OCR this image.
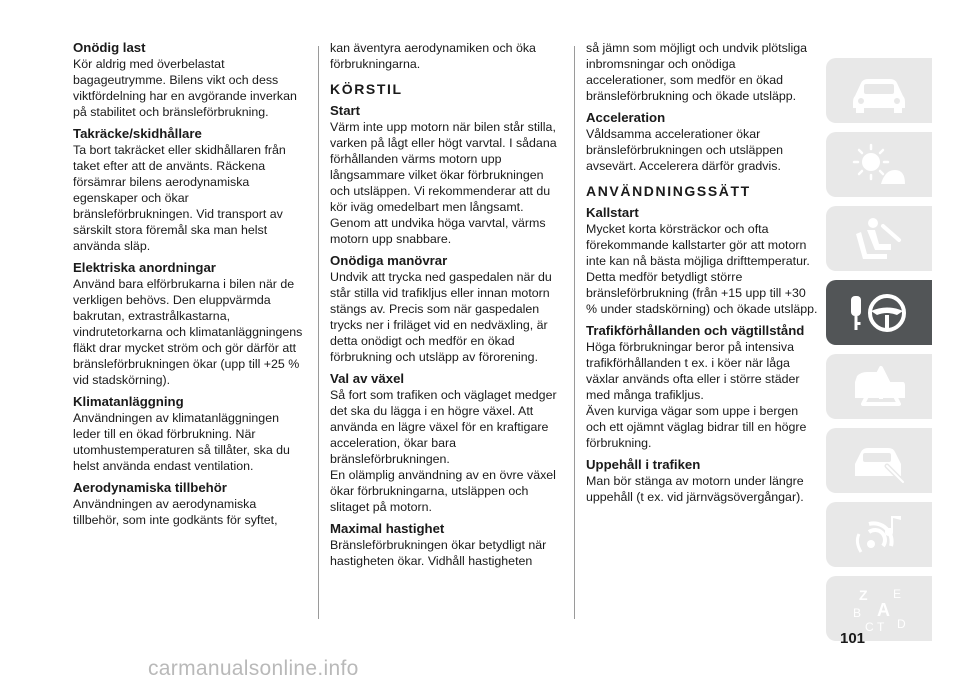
Onödig last

Kör aldrig med överbelastat bagageutrymme. Bilens vikt och dess viktfördelning har en avgörande inverkan på stabilitet och bränsleförbrukning.

Takräcke/skidhållare

Ta bort takräcket eller skidhållaren från taket efter att de använts. Räckena försämrar bilens aerodynamiska egenskaper och ökar bränsleförbrukningen. Vid transport av särskilt stora föremål ska man helst använda släp.

Elektriska anordningar

Använd bara elförbrukarna i bilen när de verkligen behövs. Den eluppvärmda bakrutan, extrastrålkastarna, vindrutetorkarna och klimatanläggningens fläkt drar mycket ström och gör därför att bränsleförbrukningen ökar (upp till +25 % vid stadskörning).

Klimatanläggning

Användningen av klimatanläggningen leder till en ökad förbrukning. När utomhustemperaturen så tillåter, ska du helst använda endast ventilation.

Aerodynamiska tillbehör

Användningen av aerodynamiska tillbehör, som inte godkänts för syftet,

kan äventyra aerodynamiken och öka förbrukningarna.

KÖRSTIL
Start

Värm inte upp motorn när bilen står stilla, varken på lågt eller högt varvtal. I sådana förhållanden värms motorn upp långsammare vilket ökar förbrukningen och utsläppen. Vi rekommenderar att du kör iväg omedelbart men långsamt. Genom att undvika höga varvtal, värms motorn upp snabbare.

Onödiga manövrar

Undvik att trycka ned gaspedalen när du står stilla vid trafikljus eller innan motorn stängs av. Precis som när gaspedalen trycks ner i friläget vid en nedväxling, är detta onödigt och medför en ökad förbrukning och utsläpp av förorening.

Val av växel

Så fort som trafiken och väglaget medger det ska du lägga i en högre växel. Att använda en lägre växel för en kraftigare acceleration, ökar bara bränsleförbrukningen.

En olämplig användning av en övre växel ökar förbrukningarna, utsläppen och slitaget på motorn.

Maximal hastighet

Bränsleförbrukningen ökar betydligt när hastigheten ökar. Vidhåll hastigheten

så jämn som möjligt och undvik plötsliga inbromsningar och onödiga accelerationer, som medför en ökad bränsleförbrukning och ökade utsläpp.

Acceleration

Våldsamma accelerationer ökar bränsleförbrukningen och utsläppen avsevärt. Accelerera därför gradvis.

ANVÄNDNINGSSÄTT
Kallstart

Mycket korta körsträckor och ofta förekommande kallstarter gör att motorn inte kan nå bästa möjliga drifttemperatur.

Detta medför betydligt större bränsleförbrukning (från +15 upp till +30 % under stadskörning) och ökade utsläpp.

Trafikförhållanden och vägtillstånd

Höga förbrukningar beror på intensiva trafikförhållanden t ex. i köer när låga växlar används ofta eller i större städer med många trafikljus.

Även kurviga vägar som uppe i bergen och ett ojämnt väglag bidrar till en högre förbrukning.

Uppehåll i trafiken

Man bör stänga av motorn under längre uppehåll (t ex. vid järnvägsövergångar).

Z E
B A
C T D
101
carmanualsonline.info
